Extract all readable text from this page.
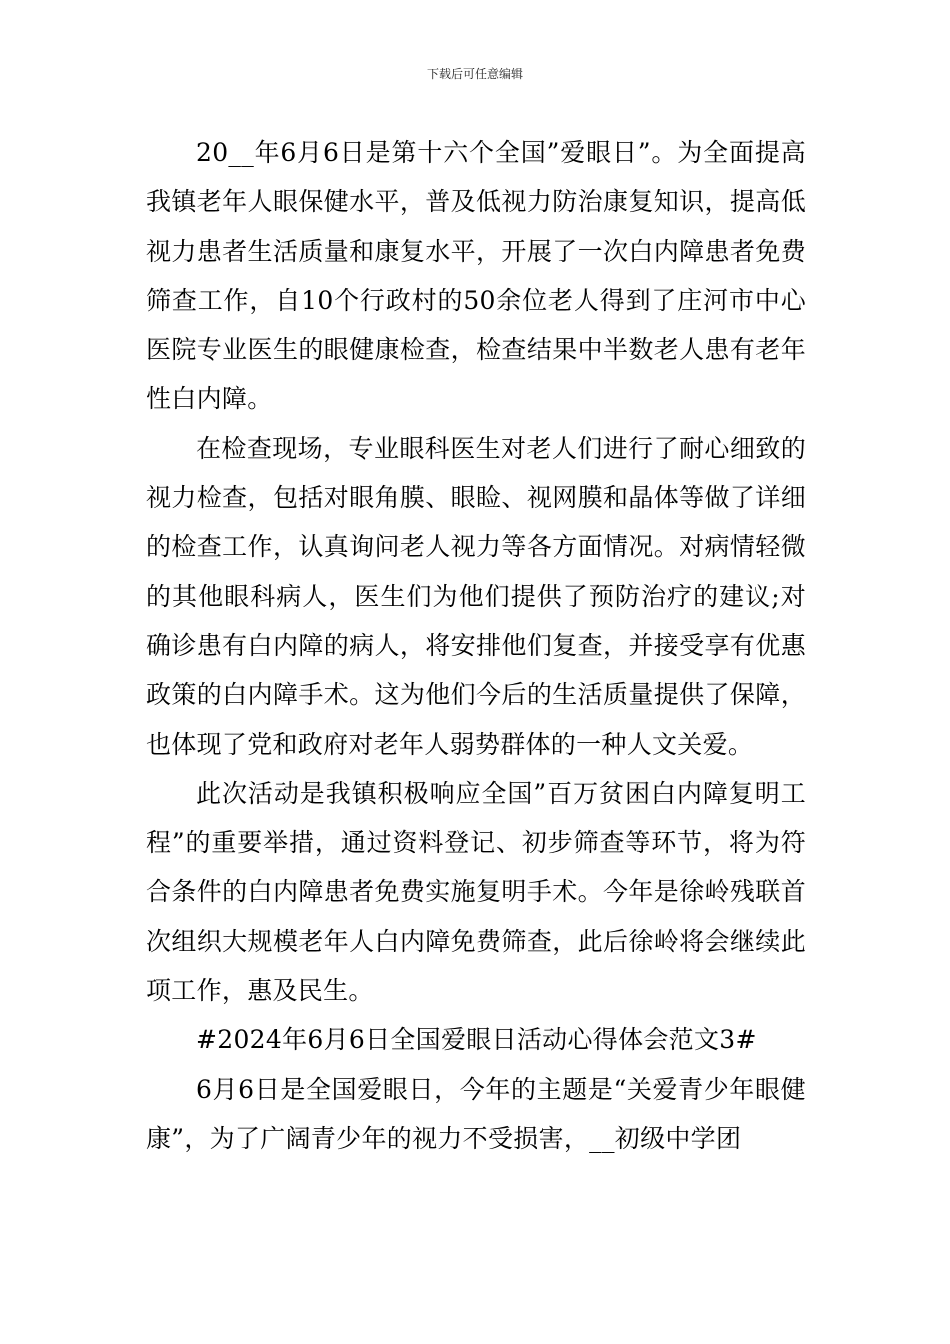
下载后可任意编辑

20__年6月6日是第十六个全国”爱眼日”。为全面提高我镇老年人眼保健水平，普及低视力防治康复知识，提高低视力患者生活质量和康复水平，开展了一次白内障患者免费筛查工作，自10个行政村的50余位老人得到了庄河市中心医院专业医生的眼健康检查，检查结果中半数老人患有老年性白内障。

在检查现场，专业眼科医生对老人们进行了耐心细致的视力检查，包括对眼角膜、眼睑、视网膜和晶体等做了详细的检查工作，认真询问老人视力等各方面情况。对病情轻微的其他眼科病人，医生们为他们提供了预防治疗的建议;对确诊患有白内障的病人，将安排他们复查，并接受享有优惠政策的白内障手术。这为他们今后的生活质量提供了保障，也体现了党和政府对老年人弱势群体的一种人文关爱。

此次活动是我镇积极响应全国”百万贫困白内障复明工程”的重要举措，通过资料登记、初步筛查等环节，将为符合条件的白内障患者免费实施复明手术。今年是徐岭残联首次组织大规模老年人白内障免费筛查，此后徐岭将会继续此项工作，惠及民生。

#2024年6月6日全国爱眼日活动心得体会范文3#

6月6日是全国爱眼日，今年的主题是“关爱青少年眼健康”，为了广阔青少年的视力不受损害，__初级中学团
